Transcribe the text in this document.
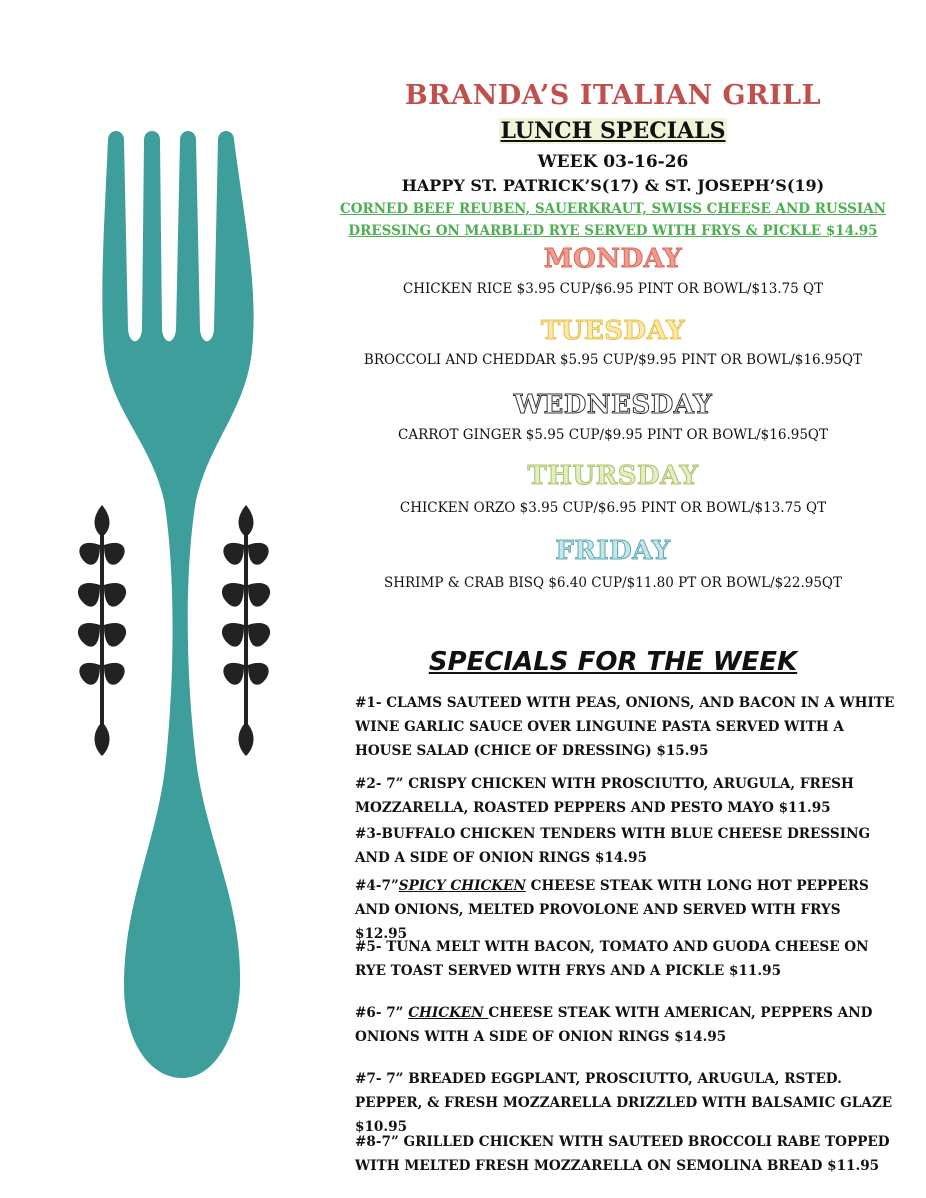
BRANDA’S ITALIAN GRILL
LUNCH SPECIALS
WEEK 03-16-26
HAPPY ST. PATRICK’S(17) & ST. JOSEPH’S(19)
CORNED BEEF REUBEN, SAUERKRAUT, SWISS CHEESE AND RUSSIAN
DRESSING ON MARBLED RYE SERVED WITH FRYS & PICKLE $14.95
MONDAY
CHICKEN RICE $3.95 CUP/$6.95 PINT OR BOWL/$13.75 QT
TUESDAY
BROCCOLI AND CHEDDAR $5.95 CUP/$9.95 PINT OR BOWL/$16.95QT
WEDNESDAY
CARROT GINGER $5.95 CUP/$9.95 PINT OR BOWL/$16.95QT
THURSDAY
CHICKEN ORZO $3.95 CUP/$6.95 PINT OR BOWL/$13.75 QT
FRIDAY
SHRIMP & CRAB BISQ $6.40 CUP/$11.80 PT OR BOWL/$22.95QT
SPECIALS FOR THE WEEK
#1- CLAMS SAUTEED WITH PEAS, ONIONS, AND BACON IN A WHITE WINE GARLIC SAUCE OVER LINGUINE PASTA SERVED WITH A HOUSE SALAD (CHICE OF DRESSING) $15.95
#2- 7” CRISPY CHICKEN WITH PROSCIUTTO, ARUGULA, FRESH MOZZARELLA, ROASTED PEPPERS AND PESTO MAYO $11.95
#3-BUFFALO CHICKEN TENDERS WITH BLUE CHEESE DRESSING AND A SIDE OF ONION RINGS $14.95
#4-7”SPICY CHICKEN CHEESE STEAK WITH LONG HOT PEPPERS AND ONIONS, MELTED PROVOLONE AND SERVED WITH FRYS $12.95
#5- TUNA MELT WITH BACON, TOMATO AND GUODA CHEESE ON RYE TOAST SERVED WITH FRYS AND A PICKLE $11.95
#6- 7” CHICKEN CHEESE STEAK WITH AMERICAN, PEPPERS AND ONIONS WITH A SIDE OF ONION RINGS $14.95
#7- 7” BREADED EGGPLANT, PROSCIUTTO, ARUGULA, RSTED. PEPPER, & FRESH MOZZARELLA DRIZZLED WITH BALSAMIC GLAZE $10.95
#8-7” GRILLED CHICKEN WITH SAUTEED BROCCOLI RABE TOPPED WITH MELTED FRESH MOZZARELLA ON SEMOLINA BREAD $11.95
